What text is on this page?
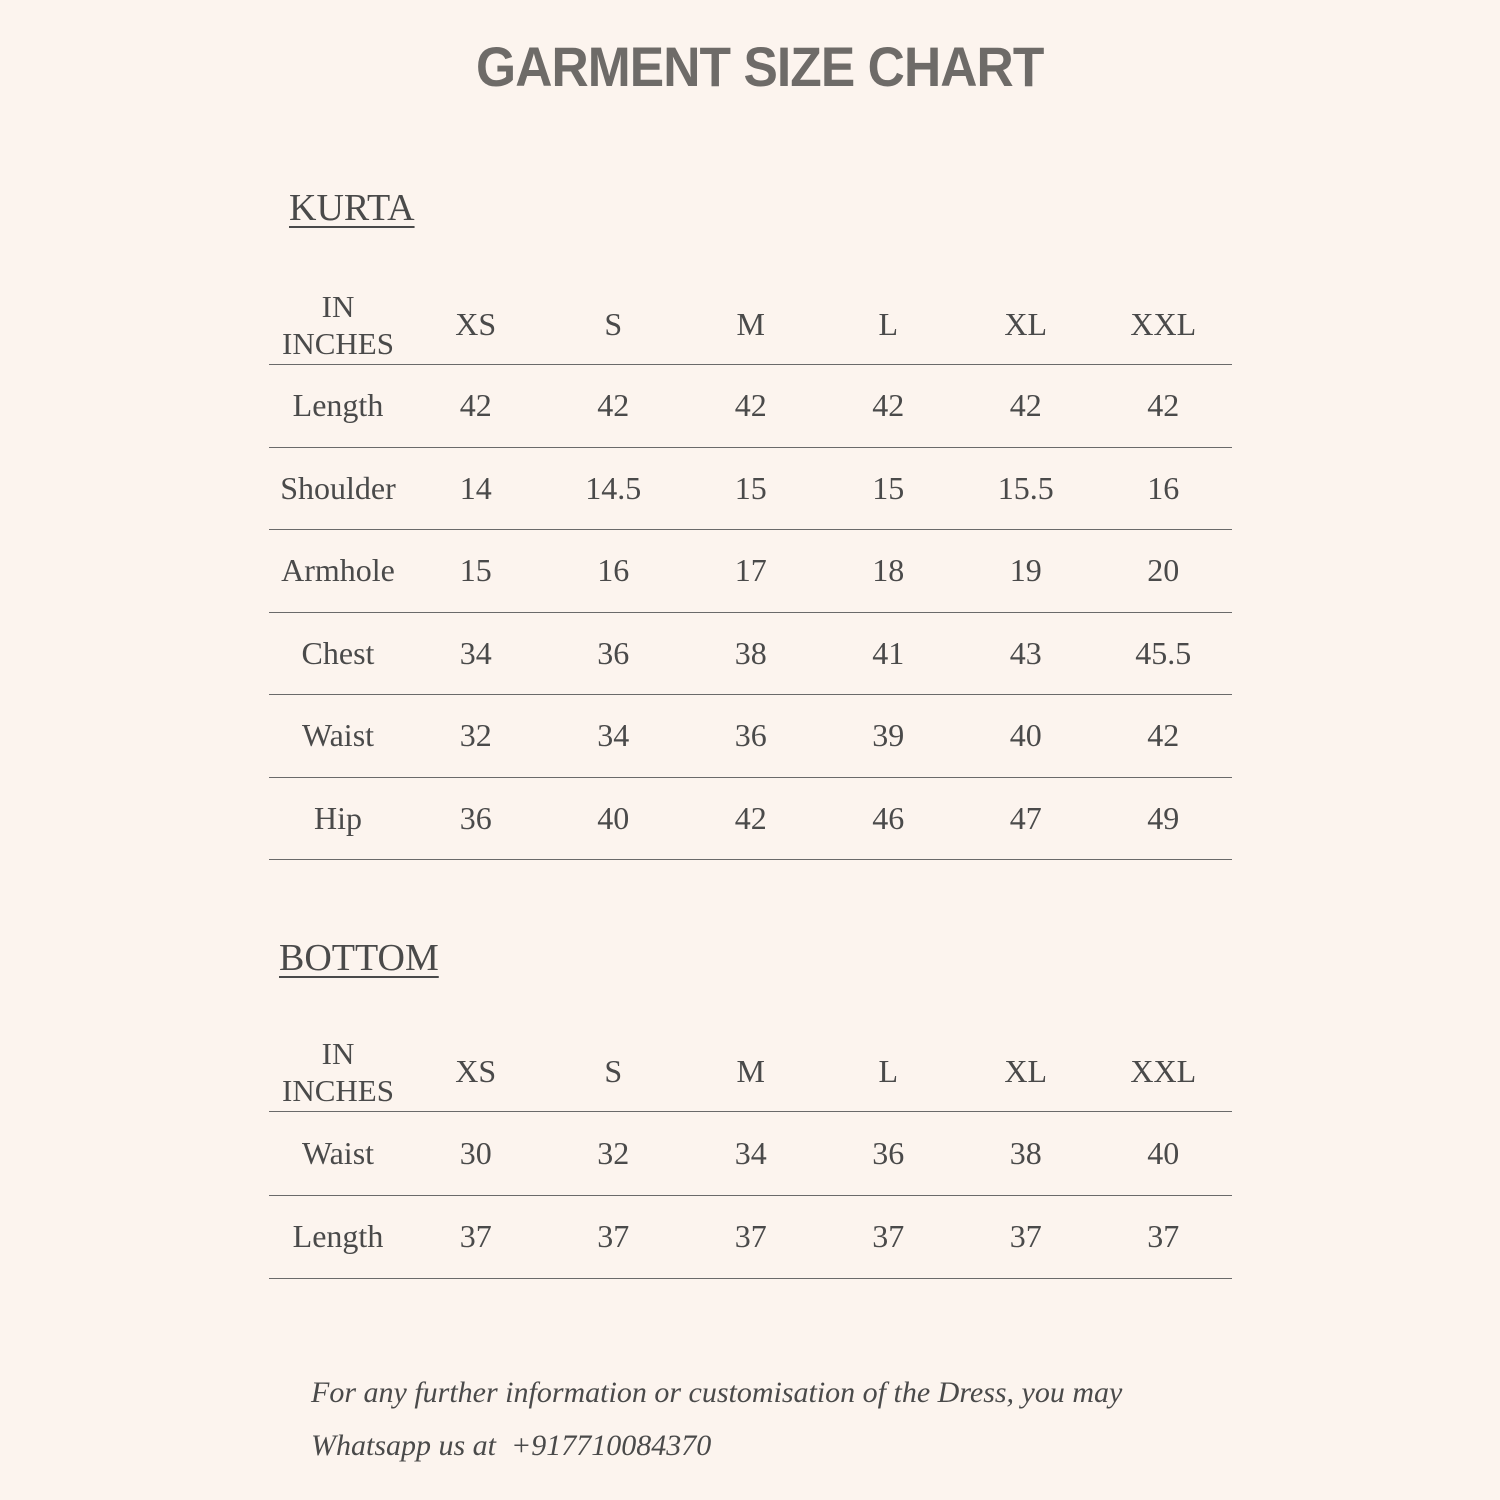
GARMENT SIZE CHART
KURTA
IN INCHES	XS	S	M	L	XL	XXL
Length	42	42	42	42	42	42
Shoulder	14	14.5	15	15	15.5	16
Armhole	15	16	17	18	19	20
Chest	34	36	38	41	43	45.5
Waist	32	34	36	39	40	42
Hip	36	40	42	46	47	49
BOTTOM
IN INCHES	XS	S	M	L	XL	XXL
Waist	30	32	34	36	38	40
Length	37	37	37	37	37	37
For any further information or customisation of the Dress, you may
Whatsapp us at  +917710084370
